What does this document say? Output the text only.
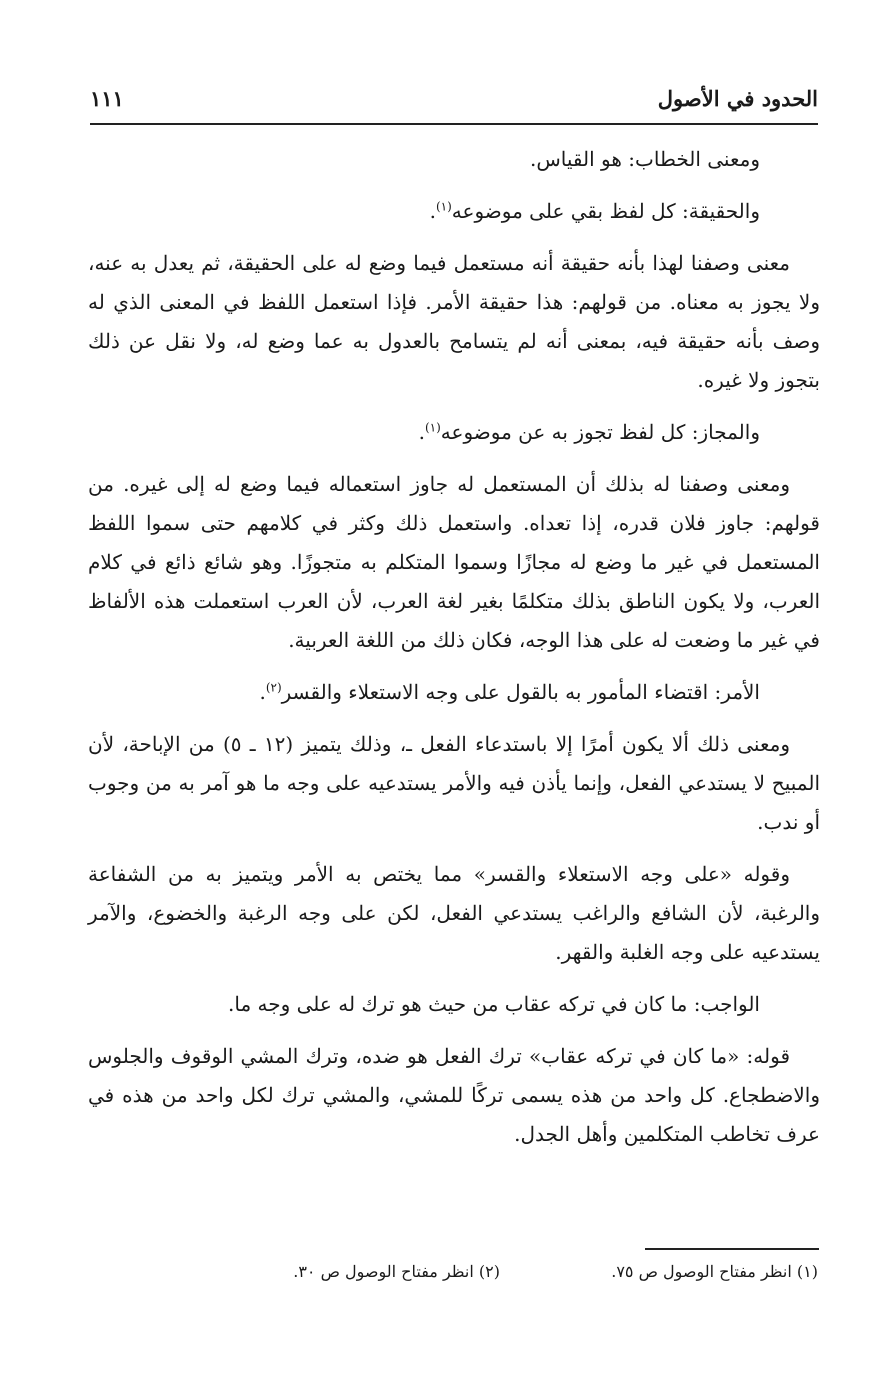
الحدود في الأصول
١١١

ومعنى الخطاب: هو القياس.

والحقيقة: كل لفظ بقي على موضوعه$^{(١)}$.

معنى وصفنا لهذا بأنه حقيقة أنه مستعمل فيما وضع له على الحقيقة، ثم يعدل به عنه، ولا يجوز به معناه. من قولهم: هذا حقيقة الأمر. فإذا استعمل اللفظ في المعنى الذي له وصف بأنه حقيقة فيه، بمعنى أنه لم يتسامح بالعدول به عما وضع له، ولا نقل عن ذلك بتجوز ولا غيره.

والمجاز: كل لفظ تجوز به عن موضوعه$^{(١)}$.

ومعنى وصفنا له بذلك أن المستعمل له جاوز استعماله فيما وضع له إلى غيره. من قولهم: جاوز فلان قدره، إذا تعداه. واستعمل ذلك وكثر في كلامهم حتى سموا اللفظ المستعمل في غير ما وضع له مجازًا وسموا المتكلم به متجوزًا. وهو شائع ذائع في كلام العرب، ولا يكون الناطق بذلك متكلمًا بغير لغة العرب، لأن العرب استعملت هذه الألفاظ في غير ما وضعت له على هذا الوجه، فكان ذلك من اللغة العربية.

الأمر: اقتضاء المأمور به بالقول على وجه الاستعلاء والقسر$^{(٢)}$.

ومعنى ذلك ألا يكون أمرًا إلا باستدعاء الفعل ـ، وذلك يتميز (١٢ ـ ٥) من الإباحة، لأن المبيح لا يستدعي الفعل، وإنما يأذن فيه والأمر يستدعيه على وجه ما هو آمر به من وجوب أو ندب.

وقوله «على وجه الاستعلاء والقسر» مما يختص به الأمر ويتميز به من الشفاعة والرغبة، لأن الشافع والراغب يستدعي الفعل، لكن على وجه الرغبة والخضوع، والآمر يستدعيه على وجه الغلبة والقهر.

الواجب: ما كان في تركه عقاب من حيث هو ترك له على وجه ما.

قوله: «ما كان في تركه عقاب» ترك الفعل هو ضده، وترك المشي الوقوف والجلوس والاضطجاع. كل واحد من هذه يسمى تركًا للمشي، والمشي ترك لكل واحد من هذه في عرف تخاطب المتكلمين وأهل الجدل.

(١) انظر مفتاح الوصول ص ٧٥.
(٢) انظر مفتاح الوصول ص ٣٠.
